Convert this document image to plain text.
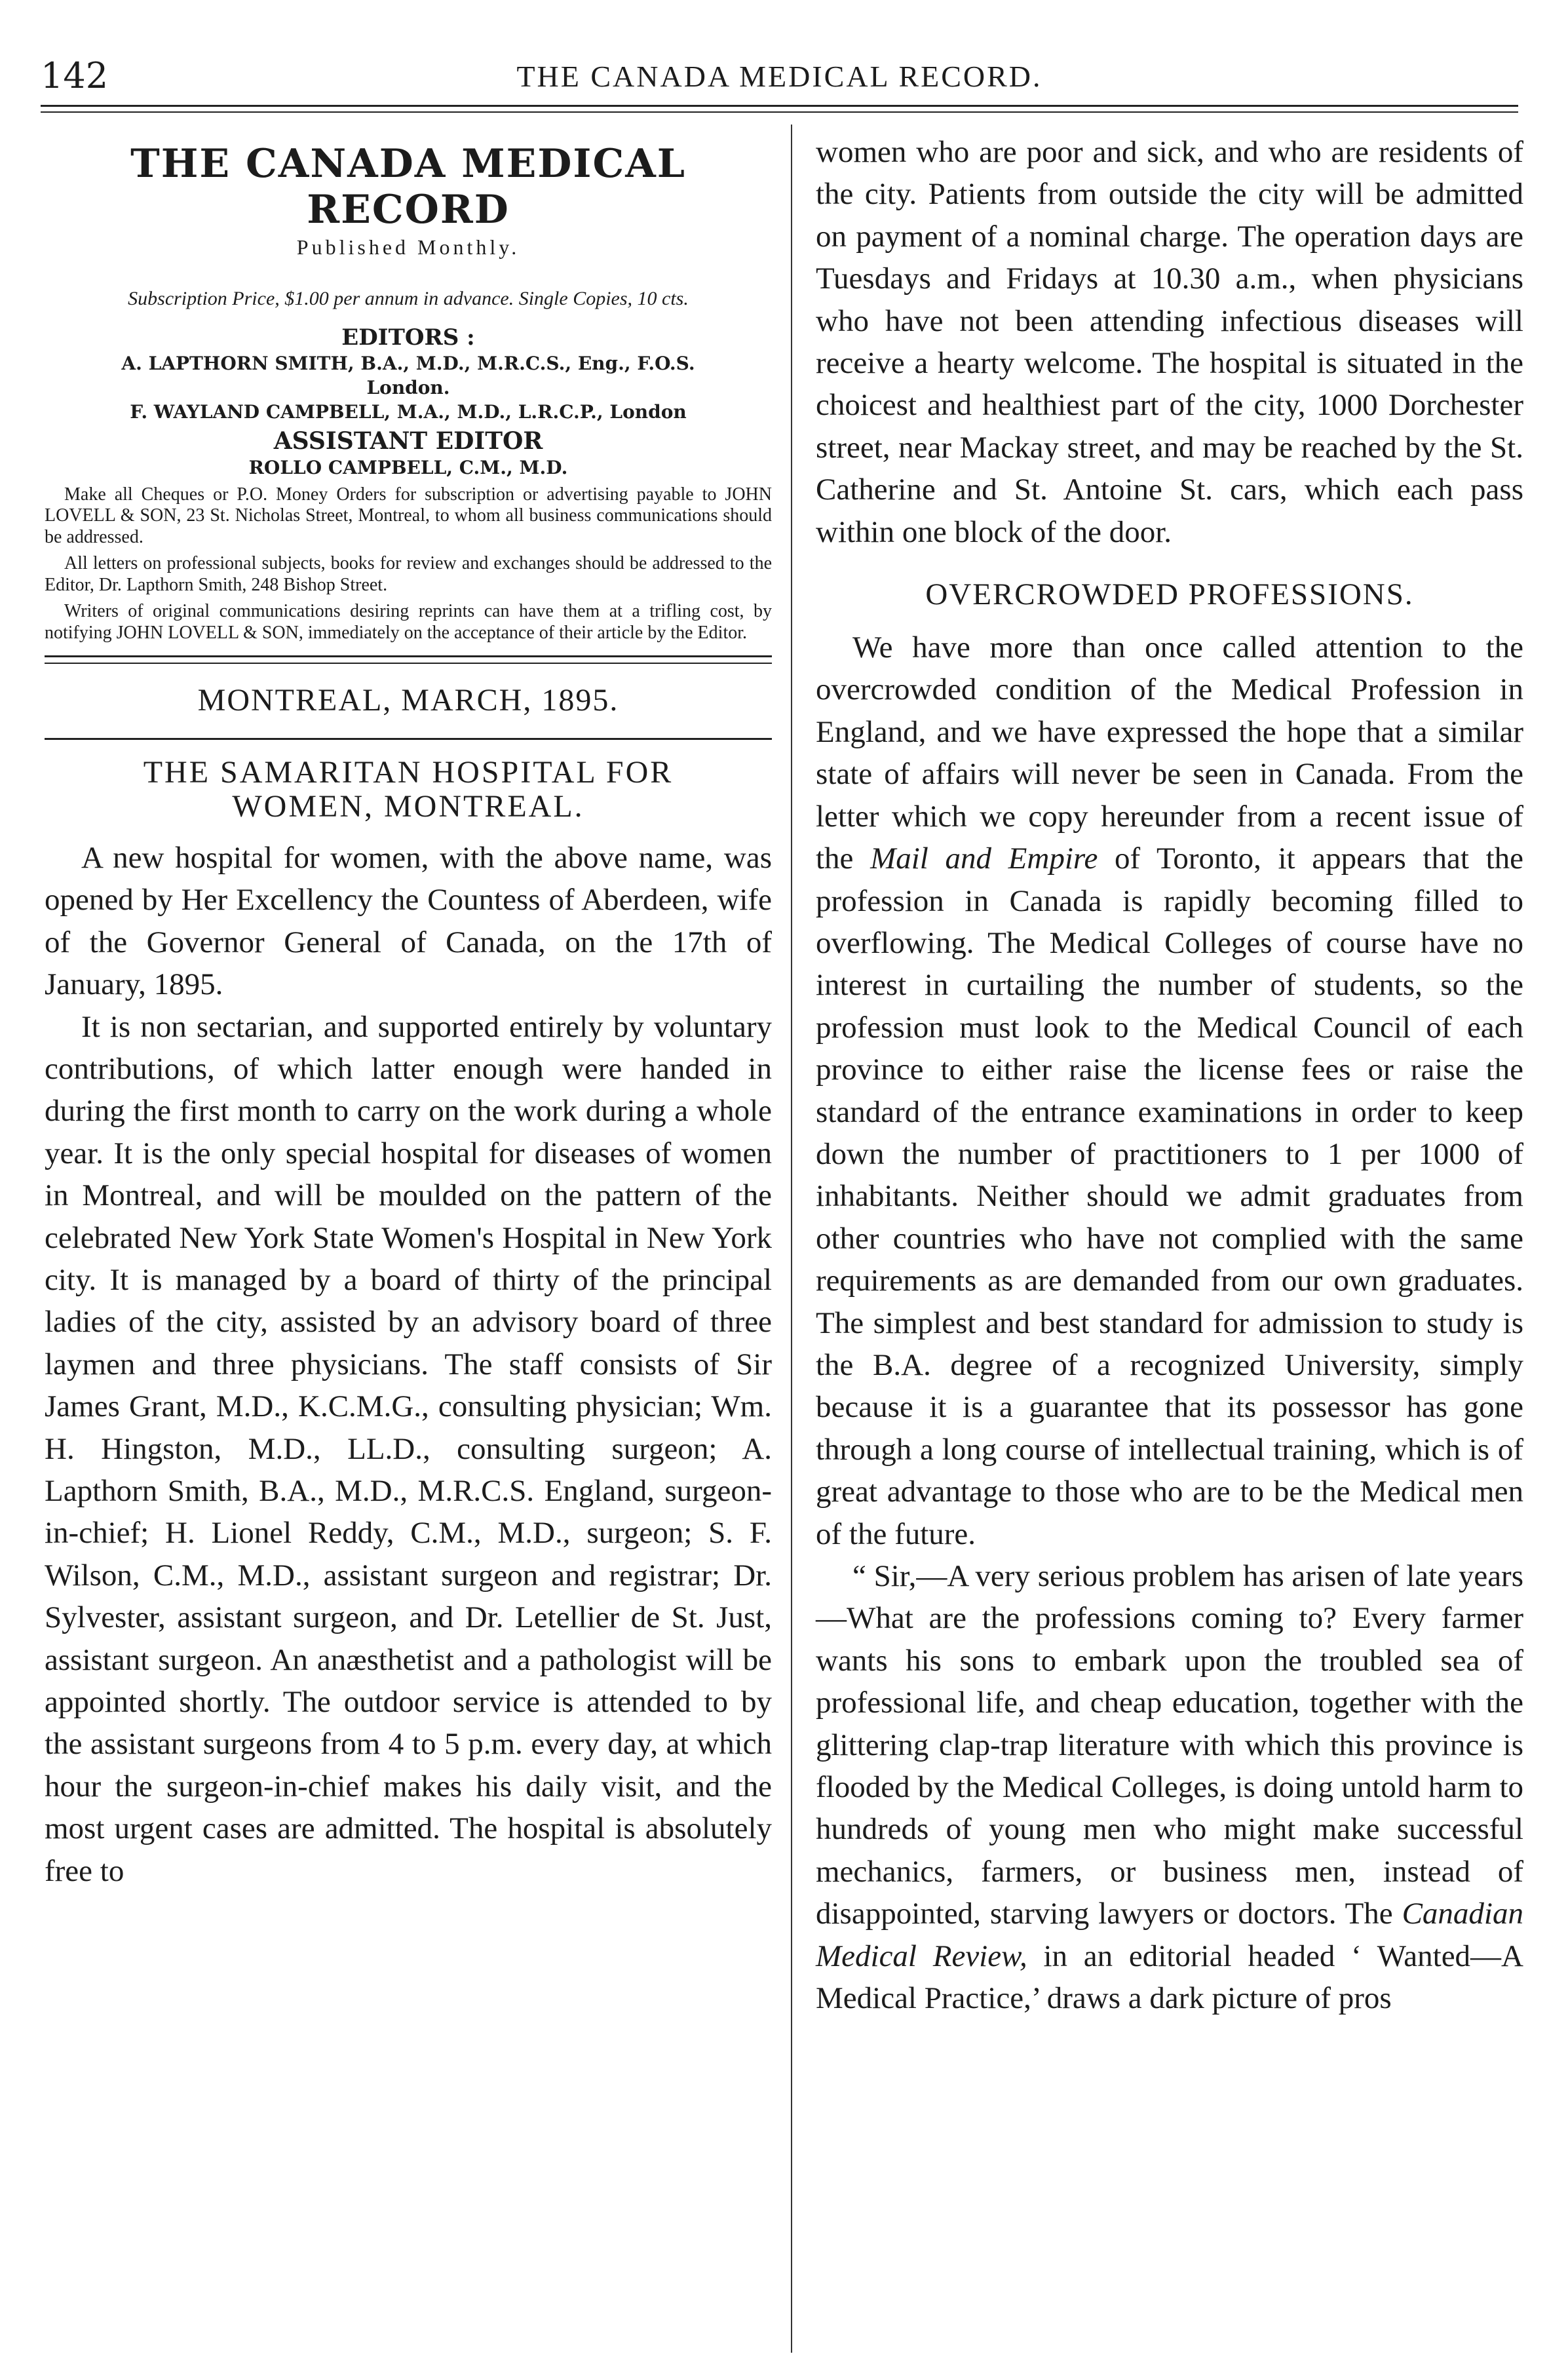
142	THE CANADA MEDICAL RECORD.
THE CANADA MEDICAL RECORD
Published Monthly.
Subscription Price, $1.00 per annum in advance. Single Copies, 10 cts.
EDITORS :
A. LAPTHORN SMITH, B.A., M.D., M.R.C.S., Eng., F.O.S.
London.
F. WAYLAND CAMPBELL, M.A., M.D., L.R.C.P., London
ASSISTANT EDITOR
ROLLO CAMPBELL, C.M., M.D.

Make all Cheques or P.O. Money Orders for subscription or advertising payable to JOHN LOVELL & SON, 23 St. Nicholas Street, Montreal, to whom all business communications should be addressed.

All letters on professional subjects, books for review and exchanges should be addressed to the Editor, Dr. Lapthorn Smith, 248 Bishop Street.

Writers of original communications desiring reprints can have them at a trifling cost, by notifying JOHN LOVELL & SON, immediately on the acceptance of their article by the Editor.

MONTREAL, MARCH, 1895.
THE SAMARITAN HOSPITAL FOR
WOMEN, MONTREAL.

A new hospital for women, with the above name, was opened by Her Excellency the Countess of Aberdeen, wife of the Governor General of Canada, on the 17th of January, 1895.

It is non sectarian, and supported entirely by voluntary contributions, of which latter enough were handed in during the first month to carry on the work during a whole year. It is the only special hospital for diseases of women in Montreal, and will be moulded on the pattern of the celebrated New York State Women's Hospital in New York city. It is managed by a board of thirty of the principal ladies of the city, assisted by an advisory board of three laymen and three physicians. The staff consists of Sir James Grant, M.D., K.C.M.G., consulting physician; Wm. H. Hingston, M.D., LL.D., consulting surgeon; A. Lapthorn Smith, B.A., M.D., M.R.C.S. England, surgeon-in-chief; H. Lionel Reddy, C.M., M.D., surgeon; S. F. Wilson, C.M., M.D., assistant surgeon and registrar; Dr. Sylvester, assistant surgeon, and Dr. Letellier de St. Just, assistant surgeon. An anæsthetist and a pathologist will be appointed shortly. The outdoor service is attended to by the assistant surgeons from 4 to 5 p.m. every day, at which hour the surgeon-in-chief makes his daily visit, and the most urgent cases are admitted. The hospital is absolutely free to

women who are poor and sick, and who are residents of the city. Patients from outside the city will be admitted on payment of a nominal charge. The operation days are Tuesdays and Fridays at 10.30 a.m., when physicians who have not been attending infectious diseases will receive a hearty welcome. The hospital is situated in the choicest and healthiest part of the city, 1000 Dorchester street, near Mackay street, and may be reached by the St. Catherine and St. Antoine St. cars, which each pass within one block of the door.

OVERCROWDED PROFESSIONS.

We have more than once called attention to the overcrowded condition of the Medical Profession in England, and we have expressed the hope that a similar state of affairs will never be seen in Canada. From the letter which we copy hereunder from a recent issue of the Mail and Empire of Toronto, it appears that the profession in Canada is rapidly becoming filled to overflowing. The Medical Colleges of course have no interest in curtailing the number of students, so the profession must look to the Medical Council of each province to either raise the license fees or raise the standard of the entrance examinations in order to keep down the number of practitioners to 1 per 1000 of inhabitants. Neither should we admit graduates from other countries who have not complied with the same requirements as are demanded from our own graduates. The simplest and best standard for admission to study is the B.A. degree of a recognized University, simply because it is a guarantee that its possessor has gone through a long course of intellectual training, which is of great advantage to those who are to be the Medical men of the future.

“ Sir,—A very serious problem has arisen of late years—What are the professions coming to? Every farmer wants his sons to embark upon the troubled sea of professional life, and cheap education, together with the glittering clap-trap literature with which this province is flooded by the Medical Colleges, is doing untold harm to hundreds of young men who might make successful mechanics, farmers, or business men, instead of disappointed, starving lawyers or doctors. The Canadian Medical Review, in an editorial headed ‘ Wanted—A Medical Practice,’ draws a dark picture of pros
